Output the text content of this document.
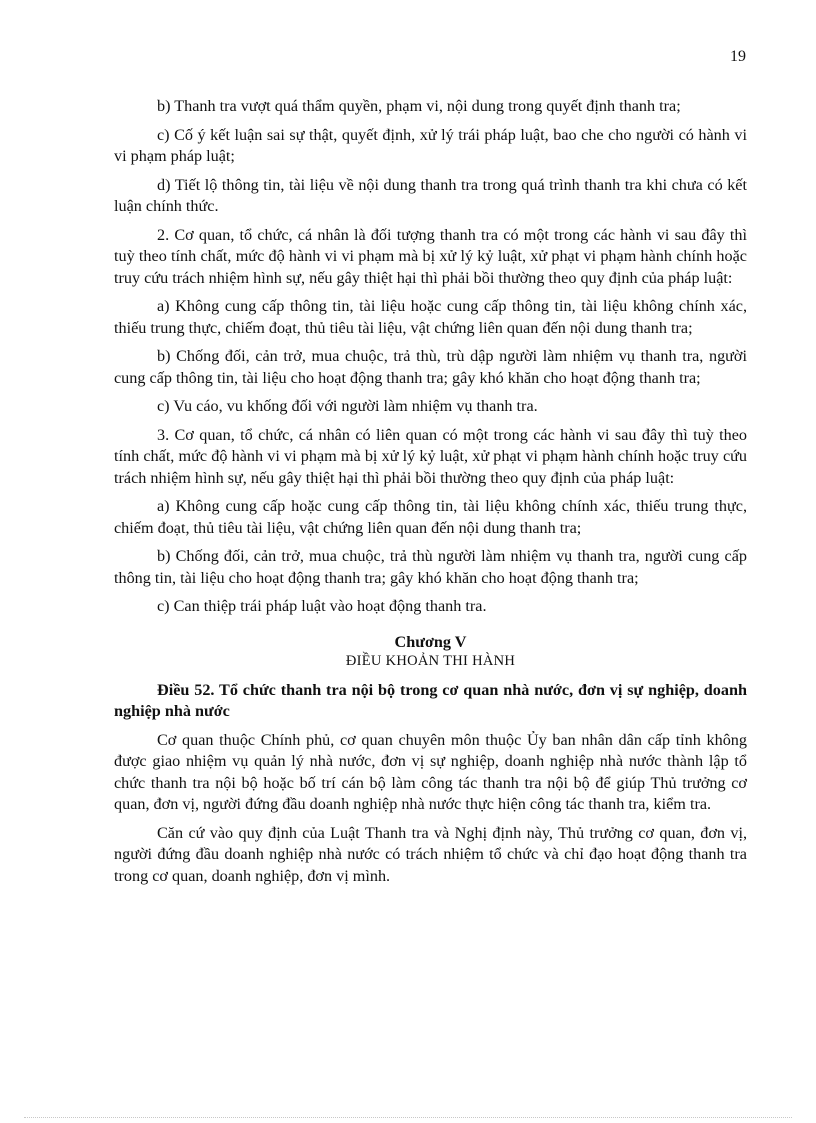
19

b) Thanh tra vượt quá thẩm quyền, phạm vi, nội dung trong quyết định thanh tra;

c) Cố ý kết luận sai sự thật, quyết định, xử lý trái pháp luật, bao che cho người có hành vi vi phạm pháp luật;

d) Tiết lộ thông tin, tài liệu về nội dung thanh tra trong quá trình thanh tra khi chưa có kết luận chính thức.

2. Cơ quan, tổ chức, cá nhân là đối tượng thanh tra có một trong các hành vi sau đây thì tuỳ theo tính chất, mức độ hành vi vi phạm mà bị xử lý kỷ luật, xử phạt vi phạm hành chính hoặc truy cứu trách nhiệm hình sự, nếu gây thiệt hại thì phải bồi thường theo quy định của pháp luật:

a) Không cung cấp thông tin, tài liệu hoặc cung cấp thông tin, tài liệu không chính xác, thiếu trung thực, chiếm đoạt, thủ tiêu tài liệu, vật chứng liên quan đến nội dung thanh tra;

b) Chống đối, cản trở, mua chuộc, trả thù, trù dập người làm nhiệm vụ thanh tra, người cung cấp thông tin, tài liệu cho hoạt động thanh tra; gây khó khăn cho hoạt động thanh tra;

c) Vu cáo, vu khống đối với người làm nhiệm vụ thanh tra.

3. Cơ quan, tổ chức, cá nhân có liên quan có một trong các hành vi sau đây thì tuỳ theo tính chất, mức độ hành vi vi phạm mà bị xử lý kỷ luật, xử phạt vi phạm hành chính hoặc truy cứu trách nhiệm hình sự, nếu gây thiệt hại thì phải bồi thường theo quy định của pháp luật:

a) Không cung cấp hoặc cung cấp thông tin, tài liệu không chính xác, thiếu trung thực, chiếm đoạt, thủ tiêu tài liệu, vật chứng liên quan đến nội dung thanh tra;

b) Chống đối, cản trở, mua chuộc, trả thù người làm nhiệm vụ thanh tra, người cung cấp thông tin, tài liệu cho hoạt động thanh tra; gây khó khăn cho hoạt động thanh tra;

c) Can thiệp trái pháp luật vào hoạt động thanh tra.

Chương V
ĐIỀU KHOẢN THI HÀNH

Điều 52. Tổ chức thanh tra nội bộ trong cơ quan nhà nước, đơn vị sự nghiệp, doanh nghiệp nhà nước

Cơ quan thuộc Chính phủ, cơ quan chuyên môn thuộc Ủy ban nhân dân cấp tỉnh không được giao nhiệm vụ quản lý nhà nước, đơn vị sự nghiệp, doanh nghiệp nhà nước thành lập tổ chức thanh tra nội bộ hoặc bố trí cán bộ làm công tác thanh tra nội bộ để giúp Thủ trưởng cơ quan, đơn vị, người đứng đầu doanh nghiệp nhà nước thực hiện công tác thanh tra, kiểm tra.

Căn cứ vào quy định của Luật Thanh tra và Nghị định này, Thủ trưởng cơ quan, đơn vị, người đứng đầu doanh nghiệp nhà nước có trách nhiệm tổ chức và chỉ đạo hoạt động thanh tra trong cơ quan, doanh nghiệp, đơn vị mình.
